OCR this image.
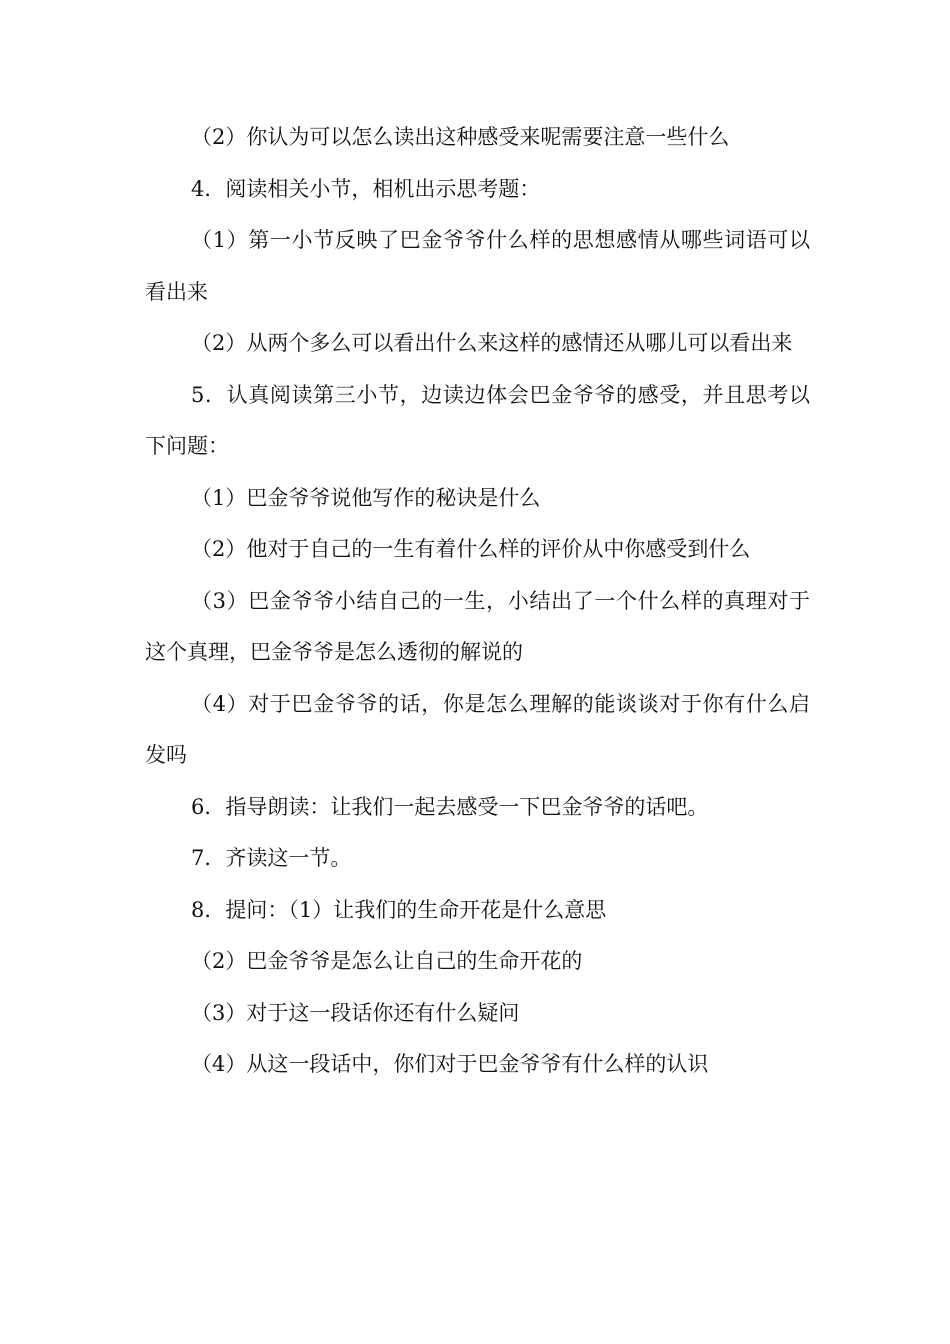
（2）你认为可以怎么读出这种感受来呢需要注意一些什么

4．阅读相关小节，相机出示思考题：

（1）第一小节反映了巴金爷爷什么样的思想感情从哪些词语可以看出来

（2）从两个多么可以看出什么来这样的感情还从哪儿可以看出来

5．认真阅读第三小节，边读边体会巴金爷爷的感受，并且思考以下问题：

（1）巴金爷爷说他写作的秘诀是什么

（2）他对于自己的一生有着什么样的评价从中你感受到什么

（3）巴金爷爷小结自己的一生，小结出了一个什么样的真理对于这个真理，巴金爷爷是怎么透彻的解说的

（4）对于巴金爷爷的话，你是怎么理解的能谈谈对于你有什么启发吗

6．指导朗读：让我们一起去感受一下巴金爷爷的话吧。

7．齐读这一节。

8．提问：（1）让我们的生命开花是什么意思

（2）巴金爷爷是怎么让自己的生命开花的

（3）对于这一段话你还有什么疑问

（4）从这一段话中，你们对于巴金爷爷有什么样的认识
